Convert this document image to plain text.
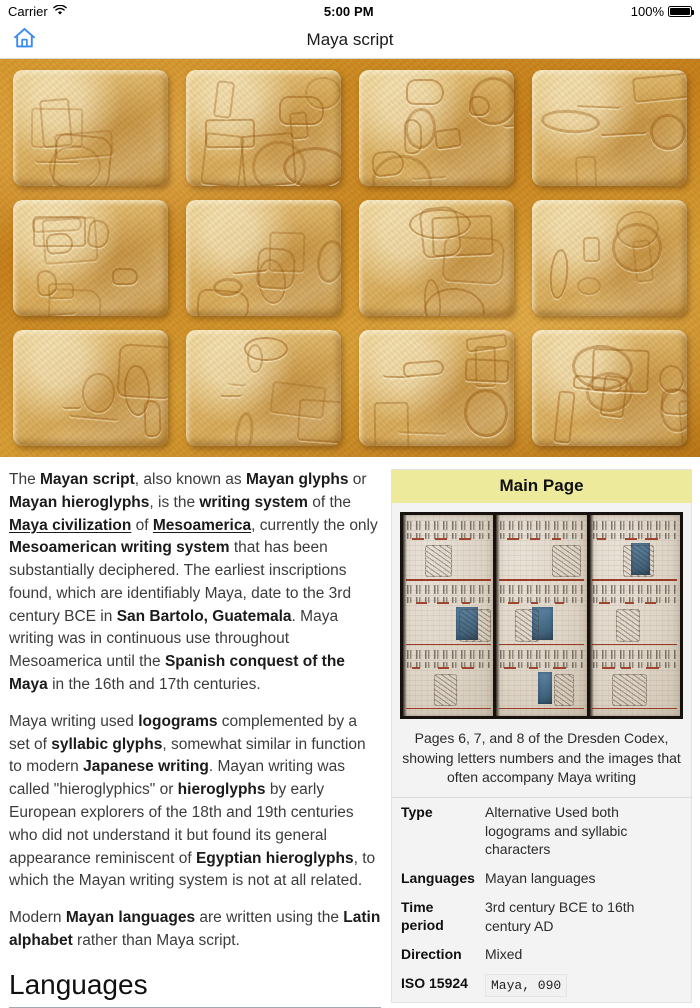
Carrier	5:00 PM	100%
Maya script

The Mayan script, also known as Mayan glyphs or Mayan hieroglyphs, is the writing system of the Maya civilization of Mesoamerica, currently the only Mesoamerican writing system that has been substantially deciphered. The earliest inscriptions found, which are identifiably Maya, date to the 3rd century BCE in San Bartolo, Guatemala. Maya writing was in continuous use throughout Mesoamerica until the Spanish conquest of the Maya in the 16th and 17th centuries.

Maya writing used logograms complemented by a set of syllabic glyphs, somewhat similar in function to modern Japanese writing. Mayan writing was called "hieroglyphics" or hieroglyphs by early European explorers of the 18th and 19th centuries who did not understand it but found its general appearance reminiscent of Egyptian hieroglyphs, to which the Mayan writing system is not at all related.

Modern Mayan languages are written using the Latin alphabet rather than Maya script.

Languages
Main Page
Pages 6, 7, and 8 of the Dresden Codex, showing letters numbers and the images that often accompany Maya writing
Type	Alternative Used both logograms and syllabic characters
Languages	Mayan languages
Time period	3rd century BCE to 16th century AD
Direction	Mixed
ISO 15924	Maya, 090
